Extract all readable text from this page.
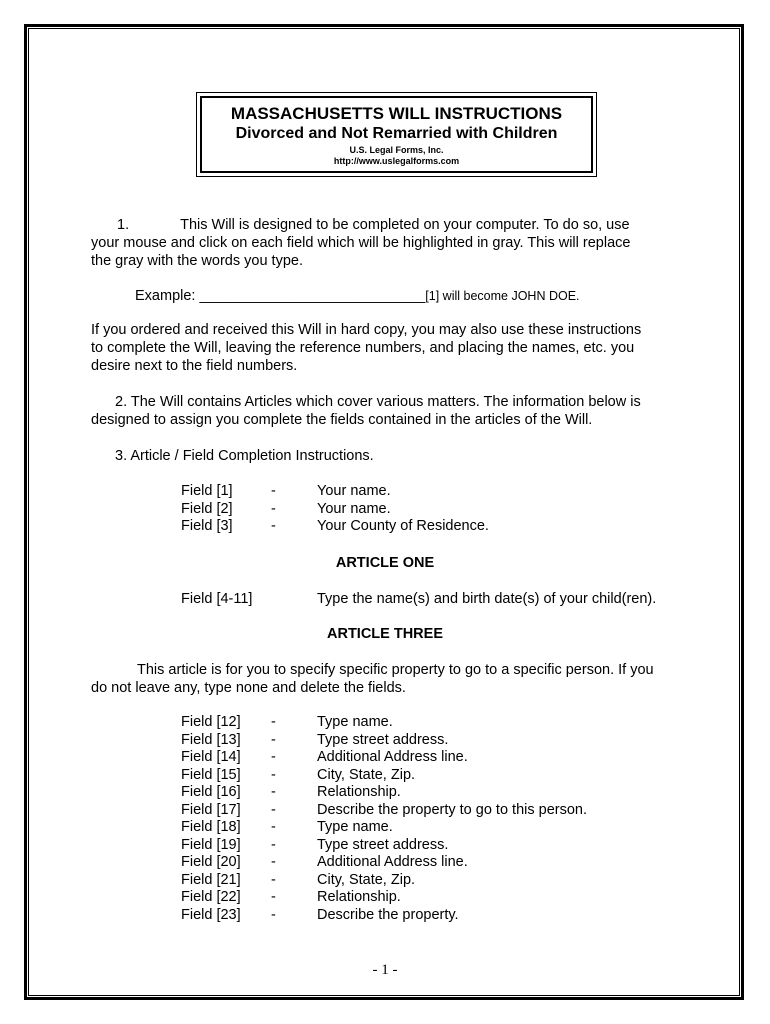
MASSACHUSETTS WILL INSTRUCTIONS
Divorced and Not Remarried with Children
U.S. Legal Forms, Inc.
http://www.uslegalforms.com
1.	This Will is designed to be completed on your computer. To do so, use
your mouse and click on each field which will be highlighted in gray. This will replace
the gray with the words you type.
Example: ____________________________[1] will become JOHN DOE.
If you ordered and received this Will in hard copy, you may also use these instructions
to complete the Will, leaving the reference numbers, and placing the names, etc. you
desire next to the field numbers.
2. The Will contains Articles which cover various matters. The information below is
designed to assign you complete the fields contained in the articles of the Will.
3. Article / Field Completion Instructions.
Field [1]	-	Your name.
Field [2]	-	Your name.
Field [3]	-	Your County of Residence.
ARTICLE ONE
Field [4-11]	Type the name(s) and birth date(s) of your child(ren).
ARTICLE THREE
This article is for you to specify specific property to go to a specific person. If you
do not leave any, type none and delete the fields.
Field [12] -	Type name.
Field [13] -	Type street address.
Field [14] -	Additional Address line.
Field [15] -	City, State, Zip.
Field [16] -	Relationship.
Field [17] -	Describe the property to go to this person.
Field [18] -	Type name.
Field [19] -	Type street address.
Field [20] -	Additional Address line.
Field [21] -	City, State, Zip.
Field [22] -	Relationship.
Field [23] -	Describe the property.
- 1 -
